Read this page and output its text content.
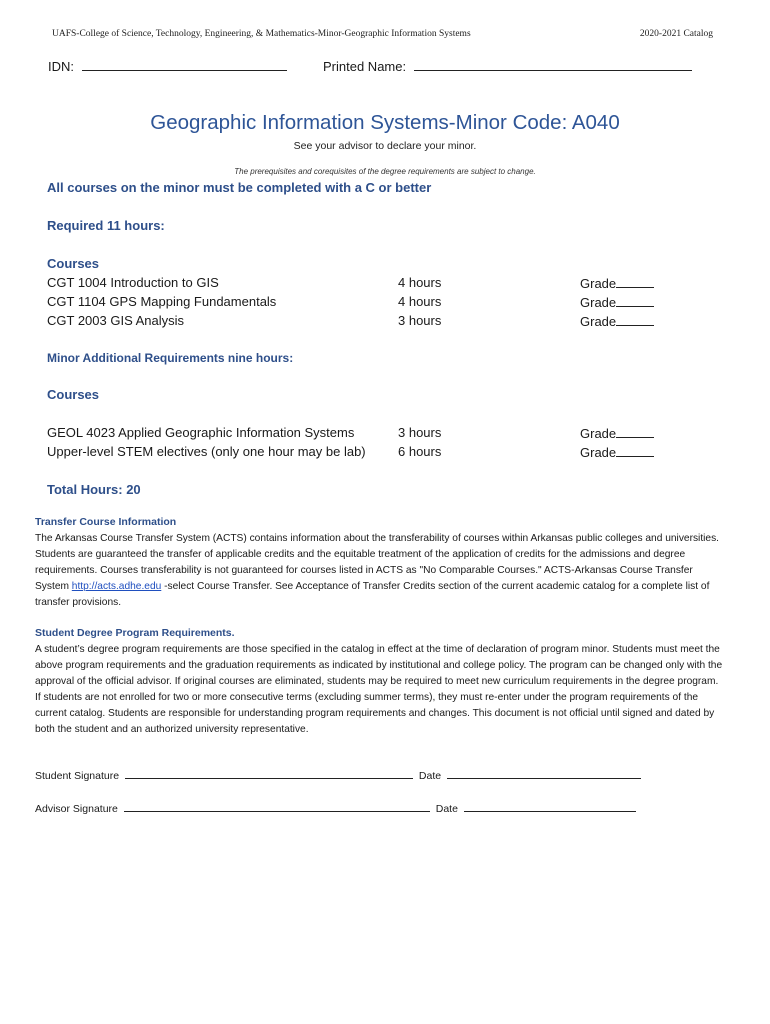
UAFS-College of Science, Technology, Engineering, & Mathematics-Minor-Geographic Information Systems	2020-2021 Catalog
IDN:	Printed Name:
Geographic Information Systems-Minor Code: A040
See your advisor to declare your minor.
The prerequisites and corequisites of the degree requirements are subject to change.
All courses on the minor must be completed with a C or better
Required 11 hours:
Courses
CGT 1004 Introduction to GIS	4 hours	Grade
CGT 1104 GPS Mapping Fundamentals	4 hours	Grade
CGT 2003 GIS Analysis	3 hours	Grade
Minor Additional Requirements nine hours:
Courses
GEOL 4023 Applied Geographic Information Systems	3 hours	Grade
Upper-level STEM electives (only one hour may be lab) 6 hours	Grade
Total Hours: 20
Transfer Course Information
The Arkansas Course Transfer System (ACTS) contains information about the transferability of courses within Arkansas public colleges and universities. Students are guaranteed the transfer of applicable credits and the equitable treatment of the application of credits for the admissions and degree requirements. Courses transferability is not guaranteed for courses listed in ACTS as "No Comparable Courses." ACTS-Arkansas Course Transfer System http://acts.adhe.edu -select Course Transfer. See Acceptance of Transfer Credits section of the current academic catalog for a complete list of transfer provisions.
Student Degree Program Requirements.
A student’s degree program requirements are those specified in the catalog in effect at the time of declaration of program minor. Students must meet the above program requirements and the graduation requirements as indicated by institutional and college policy. The program can be changed only with the approval of the official advisor. If original courses are eliminated, students may be required to meet new curriculum requirements in the degree program. If students are not enrolled for two or more consecutive terms (excluding summer terms), they must re-enter under the program requirements of the current catalog. Students are responsible for understanding program requirements and changes. This document is not official until signed and dated by both the student and an authorized university representative.
Student Signature	Date
Advisor Signature	Date
